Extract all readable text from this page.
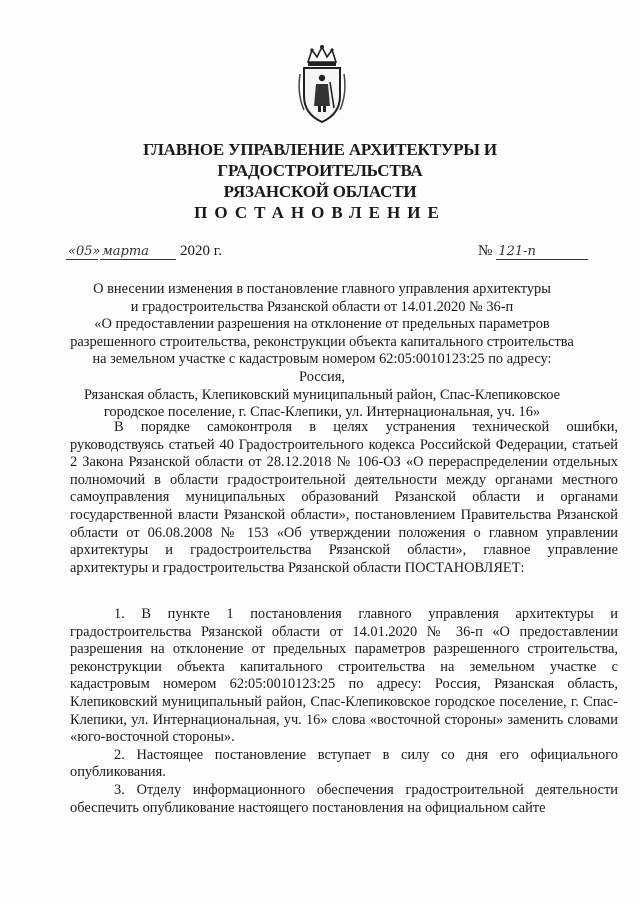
ГЛАВНОЕ УПРАВЛЕНИЕ АРХИТЕКТУРЫ И ГРАДОСТРОИТЕЛЬСТВА
РЯЗАНСКОЙ ОБЛАСТИ
ПОСТАНОВЛЕНИЕ
«05» марта 2020 г.	№ 121-п
О внесении изменения в постановление главного управления архитектуры
и градостроительства Рязанской области от 14.01.2020 № 36-п
«О предоставлении разрешения на отклонение от предельных параметров
разрешенного строительства, реконструкции объекта капитального строительства
на земельном участке с кадастровым номером 62:05:0010123:25 по адресу: Россия,
Рязанская область, Клепиковский муниципальный район, Спас-Клепиковское
городское поселение, г. Спас-Клепики, ул. Интернациональная, уч. 16»

В порядке самоконтроля в целях устранения технической ошибки, руководствуясь статьей 40 Градостроительного кодекса Российской Федерации, статьей 2 Закона Рязанской области от 28.12.2018 № 106-ОЗ «О перераспределении отдельных полномочий в области градостроительной деятельности между органами местного самоуправления муниципальных образований Рязанской области и органами государственной власти Рязанской области», постановлением Правительства Рязанской области от 06.08.2008 № 153 «Об утверждении положения о главном управлении архитектуры и градостроительства Рязанской области», главное управление архитектуры и градостроительства Рязанской области ПОСТАНОВЛЯЕТ:

1. В пункте 1 постановления главного управления архитектуры и градостроительства Рязанской области от 14.01.2020 № 36-п «О предоставлении разрешения на отклонение от предельных параметров разрешенного строительства, реконструкции объекта капитального строительства на земельном участке с кадастровым номером 62:05:0010123:25 по адресу: Россия, Рязанская область, Клепиковский муниципальный район, Спас-Клепиковское городское поселение, г. Спас-Клепики, ул. Интернациональная, уч. 16» слова «восточной стороны» заменить словами «юго-восточной стороны».

2. Настоящее постановление вступает в силу со дня его официального опубликования.

3. Отделу информационного обеспечения градостроительной деятельности обеспечить опубликование настоящего постановления на официальном сайте
